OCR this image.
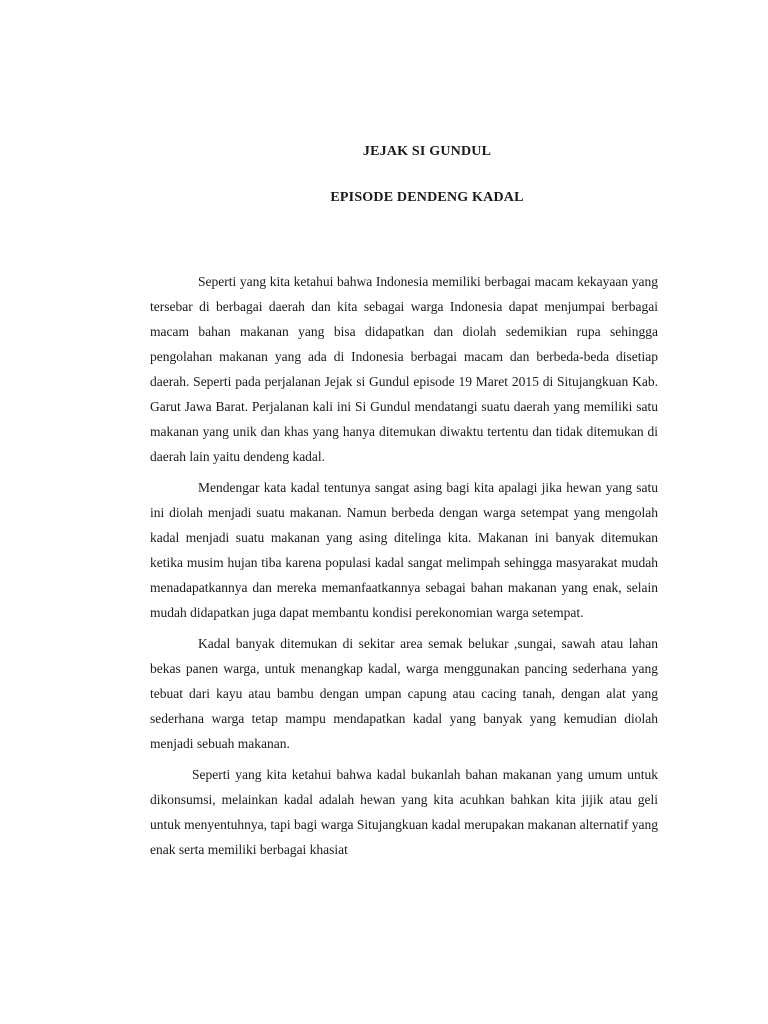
JEJAK SI GUNDUL
EPISODE DENDENG KADAL

Seperti yang kita ketahui bahwa Indonesia memiliki berbagai macam kekayaan yang tersebar di berbagai daerah dan kita sebagai warga Indonesia dapat menjumpai berbagai macam bahan makanan yang bisa didapatkan dan diolah sedemikian rupa sehingga pengolahan makanan yang ada di Indonesia berbagai macam dan berbeda-beda disetiap daerah. Seperti pada perjalanan Jejak si Gundul episode 19 Maret 2015 di Situjangkuan Kab. Garut Jawa Barat. Perjalanan kali ini Si Gundul mendatangi suatu daerah yang memiliki satu makanan yang unik dan khas yang hanya ditemukan diwaktu tertentu dan tidak ditemukan di daerah lain yaitu dendeng kadal.

Mendengar kata kadal tentunya sangat asing bagi kita apalagi jika hewan yang satu ini diolah menjadi suatu makanan. Namun berbeda dengan warga setempat yang mengolah kadal menjadi suatu makanan yang asing ditelinga kita. Makanan ini banyak ditemukan ketika musim hujan tiba karena populasi kadal sangat melimpah sehingga masyarakat mudah menadapatkannya dan mereka memanfaatkannya sebagai bahan makanan yang enak, selain mudah didapatkan juga dapat membantu kondisi perekonomian warga setempat.

Kadal banyak ditemukan di sekitar area semak belukar ,sungai, sawah atau lahan bekas panen warga, untuk menangkap kadal, warga menggunakan pancing sederhana yang tebuat dari kayu atau bambu dengan umpan capung atau cacing tanah, dengan alat yang sederhana warga tetap mampu mendapatkan kadal yang banyak yang kemudian diolah menjadi sebuah makanan.

Seperti yang kita ketahui bahwa kadal bukanlah bahan makanan yang umum untuk dikonsumsi, melainkan kadal adalah hewan yang kita acuhkan bahkan kita jijik atau geli untuk menyentuhnya, tapi bagi warga Situjangkuan kadal merupakan makanan alternatif yang enak serta memiliki berbagai khasiat
